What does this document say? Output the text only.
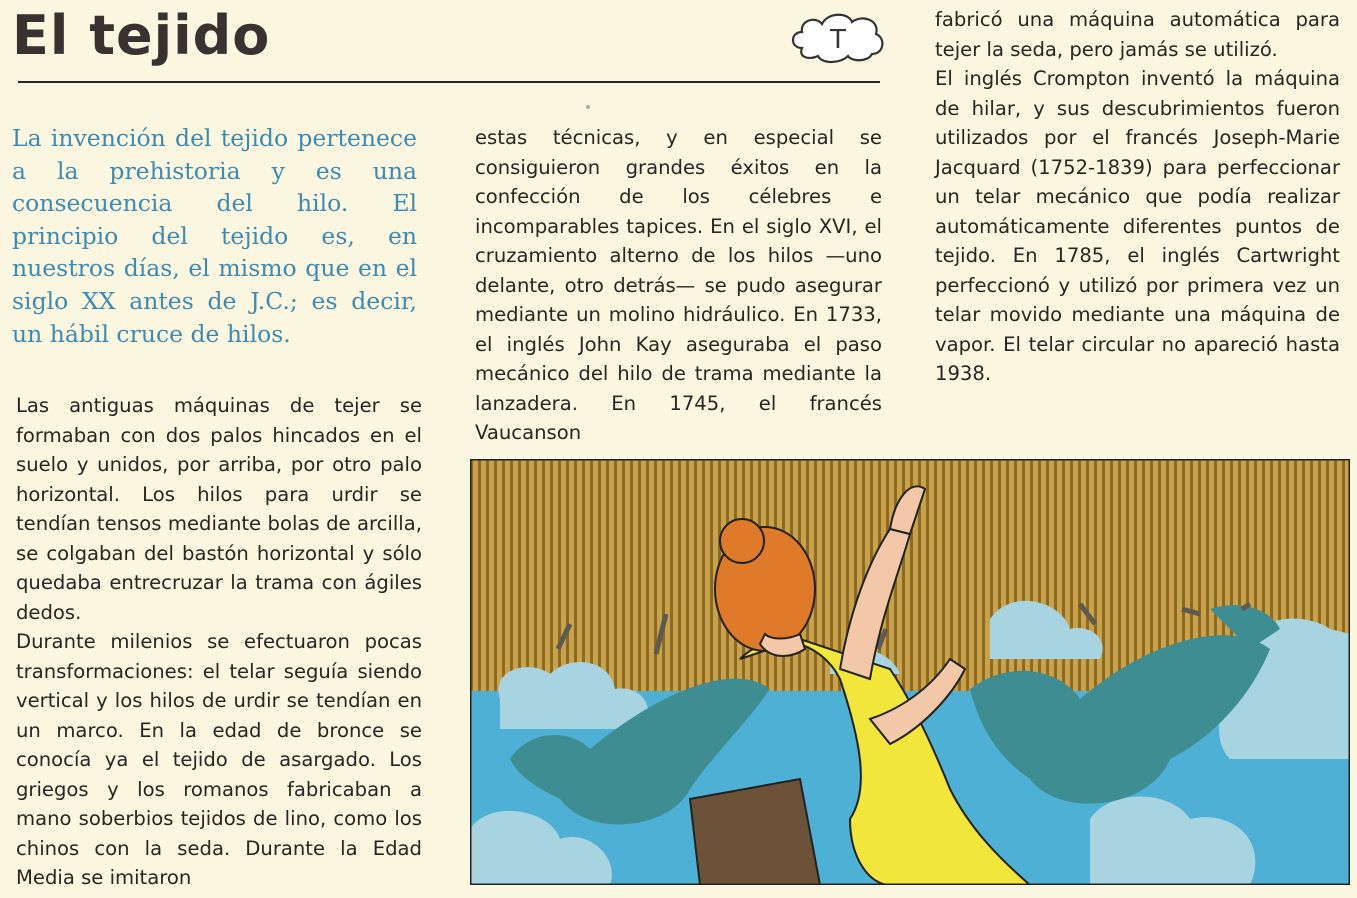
El tejido	T
La invención del tejido pertenece a la prehistoria y es una consecuencia del hilo. El principio del tejido es, en nuestros días, el mismo que en el siglo XX antes de J.C.; es decir, un hábil cruce de hilos.

Las antiguas máquinas de tejer se formaban con dos palos hincados en el suelo y unidos, por arriba, por otro palo horizontal. Los hilos para urdir se tendían tensos mediante bolas de arcilla, se colgaban del bastón horizontal y sólo quedaba entrecruzar la trama con ágiles dedos.

Durante milenios se efectuaron pocas transformaciones: el telar seguía siendo vertical y los hilos de urdir se tendían en un marco. En la edad de bronce se conocía ya el tejido de asargado. Los griegos y los romanos fabricaban a mano soberbios tejidos de lino, como los chinos con la seda. Durante la Edad Media se imitaron

estas técnicas, y en especial se consiguieron grandes éxitos en la confección de los célebres e incomparables tapices. En el siglo XVI, el cruzamiento alterno de los hilos —uno delante, otro detrás— se pudo asegurar mediante un molino hidráulico. En 1733, el inglés John Kay aseguraba el paso mecánico del hilo de trama mediante la lanzadera. En 1745, el francés Vaucanson

fabricó una máquina automática para tejer la seda, pero jamás se utilizó.

El inglés Crompton inventó la máquina de hilar, y sus descubrimientos fueron utilizados por el francés Joseph-Marie Jacquard (1752-1839) para perfeccionar un telar mecánico que podía realizar automáticamente diferentes puntos de tejido. En 1785, el inglés Cartwright perfeccionó y utilizó por primera vez un telar movido mediante una máquina de vapor. El telar circular no apareció hasta 1938.
